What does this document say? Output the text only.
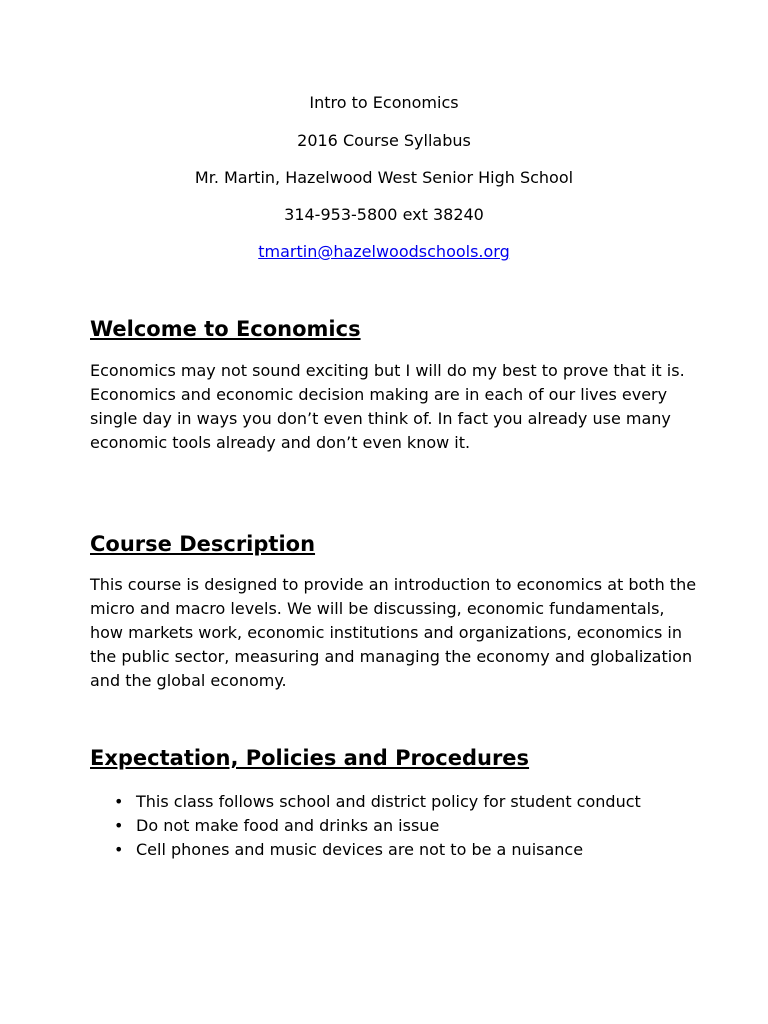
Intro to Economics
2016 Course Syllabus
Mr. Martin, Hazelwood West Senior High School
314-953-5800 ext 38240
tmartin@hazelwoodschools.org
Welcome to Economics

Economics may not sound exciting but I will do my best to prove that it is. Economics and economic decision making are in each of our lives every single day in ways you don’t even think of. In fact you already use many economic tools already and don’t even know it.

Course Description

This course is designed to provide an introduction to economics at both the micro and macro levels. We will be discussing, economic fundamentals, how markets work, economic institutions and organizations, economics in the public sector, measuring and managing the economy and globalization and the global economy.

Expectation, Policies and Procedures
• This class follows school and district policy for student conduct
• Do not make food and drinks an issue
• Cell phones and music devices are not to be a nuisance
